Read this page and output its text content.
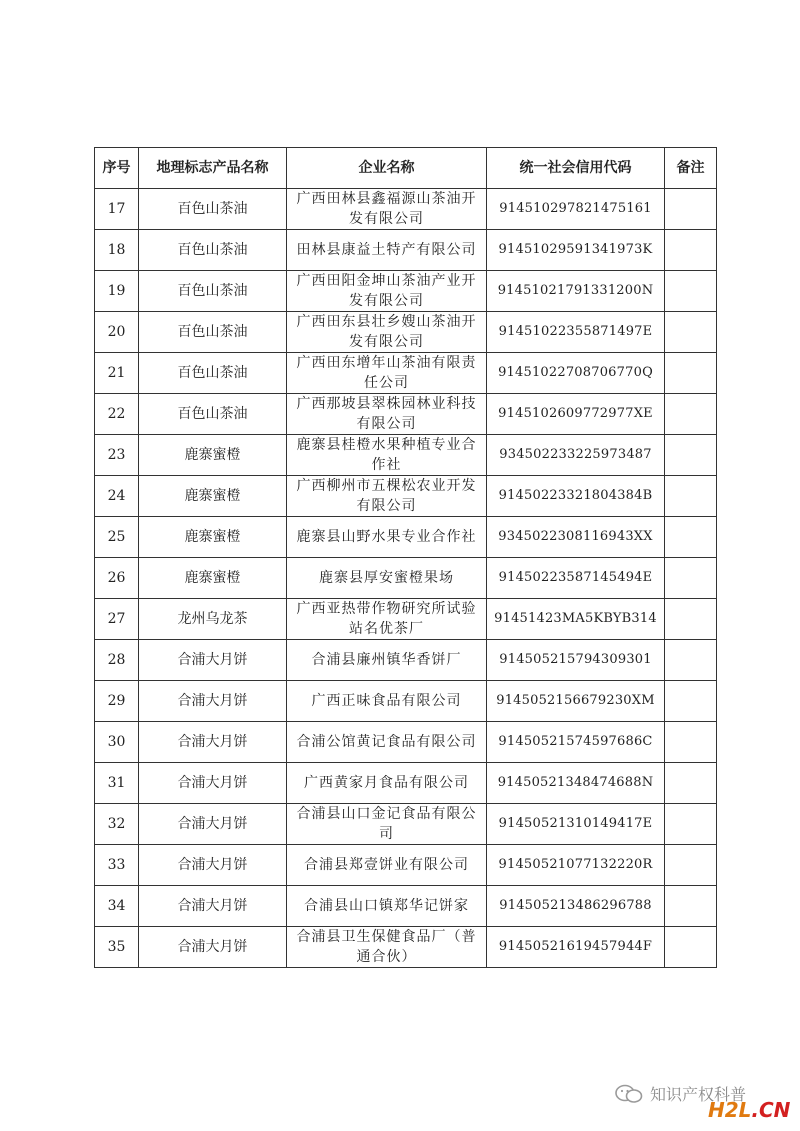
序号	地理标志产品名称	企业名称	统一社会信用代码	备注
17	百色山茶油	广西田林县鑫福源山茶油开发有限公司	914510297821475161	
18	百色山茶油	田林县康益土特产有限公司	91451029591341973K	
19	百色山茶油	广西田阳金坤山茶油产业开发有限公司	91451021791331200N	
20	百色山茶油	广西田东县壮乡嫂山茶油开发有限公司	91451022355871497E	
21	百色山茶油	广西田东增年山茶油有限责任公司	91451022708706770Q	
22	百色山茶油	广西那坡县翠株园林业科技有限公司	9145102609772977XE	
23	鹿寨蜜橙	鹿寨县桂橙水果种植专业合作社	934502233225973487	
24	鹿寨蜜橙	广西柳州市五棵松农业开发有限公司	91450223321804384B	
25	鹿寨蜜橙	鹿寨县山野水果专业合作社	9345022308116943XX	
26	鹿寨蜜橙	鹿寨县厚安蜜橙果场	91450223587145494E	
27	龙州乌龙茶	广西亚热带作物研究所试验站名优茶厂	91451423MA5KBYB314	
28	合浦大月饼	合浦县廉州镇华香饼厂	914505215794309301	
29	合浦大月饼	广西正味食品有限公司	9145052156679230XM	
30	合浦大月饼	合浦公馆黄记食品有限公司	91450521574597686C	
31	合浦大月饼	广西黄家月食品有限公司	91450521348474688N	
32	合浦大月饼	合浦县山口金记食品有限公司	91450521310149417E	
33	合浦大月饼	合浦县郑壹饼业有限公司	91450521077132220R	
34	合浦大月饼	合浦县山口镇郑华记饼家	914505213486296788	
35	合浦大月饼	合浦县卫生保健食品厂（普通合伙）	91450521619457944F	
知识产权科普
H2L.CN
